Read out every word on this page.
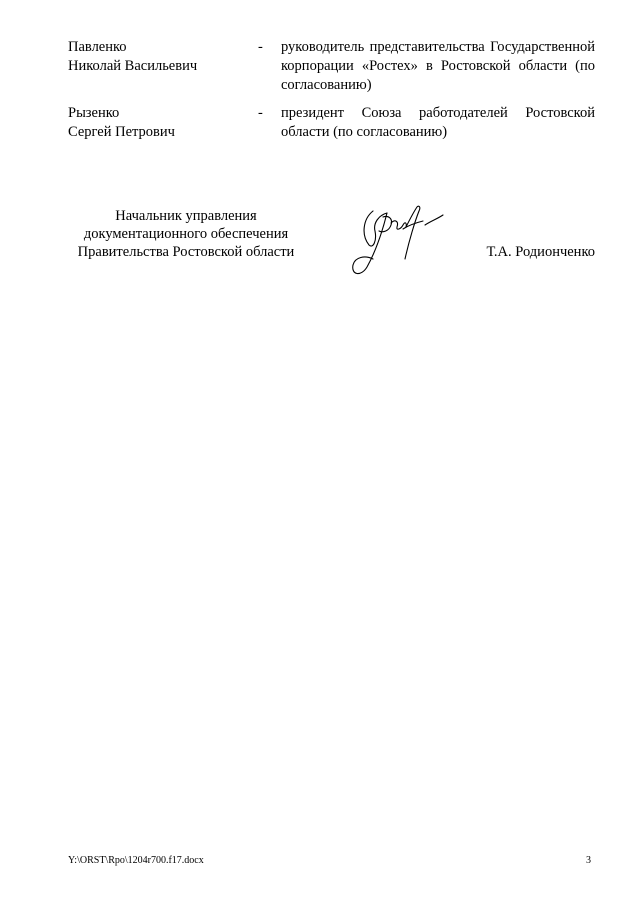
Павленко
Николай Васильевич
-	руководитель представительства Государственной корпорации «Ростех» в Ростовской области (по согласованию)
Рызенко
Сергей Петрович
-	президент Союза работодателей Ростовской области (по согласованию)
Начальник управления
документационного обеспечения
Правительства Ростовской области	Т.А. Родионченко
Y:\ORST\Rpo\1204r700.f17.docx	3
